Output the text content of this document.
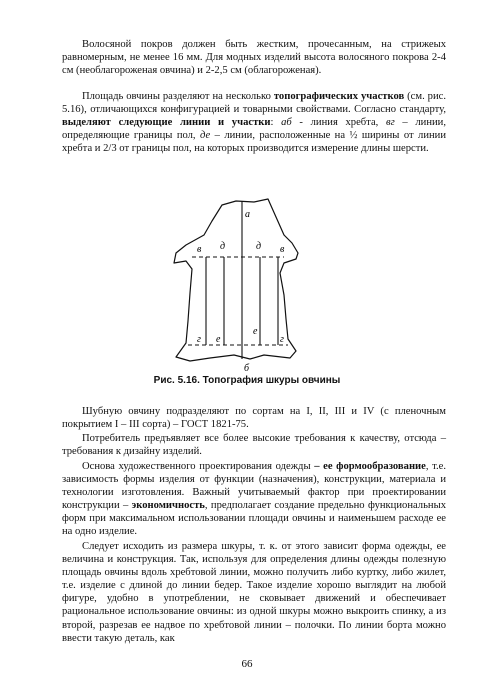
Волосяной покров должен быть жестким, прочесанным, на стрижеых равномерным, не менее 16 мм. Для модных изделий высота волосяного покрова 2-4 см (необлагороженая овчина) и 2-2,5 см (облагороженая).

Площадь овчины разделяют на несколько топографических участков (см. рис. 5.16), отличающихся конфигурацией и товарными свойствами. Согласно стандарту, выделяют следующие линии и участки: аб - линия хребта, вг – линии, определяющие границы пол, де – линии, расположенные на ½ ширины от линии хребта и 2/3 от границы пол, на которых производится измерение длины шерсти.

а
б
в д	д в
г е
е
г
Рис. 5.16. Топография шкуры овчины

Шубную овчину подразделяют по сортам на I, II, III и IV (с пленочным покрытием I – III сорта) – ГОСТ 1821-75.

Потребитель предъявляет все более высокие требования к качеству, отсюда – требования к дизайну изделий.

Основа художественного проектирования одежды – ее формообразование, т.е. зависимость формы изделия от функции (назначения), конструкции, материала и технологии изготовления. Важный учитываемый фактор при проектировании конструкции – экономичность, предполагает создание предельно функциональных форм при максимальном использовании площади овчины и наименьшем расходе ее на одно изделие.

Следует исходить из размера шкуры, т. к. от этого зависит форма одежды, ее величина и конструкция. Так, используя для определения длины одежды полезную площадь овчины вдоль хребтовой линии, можно получить либо куртку, либо жилет, т.е. изделие с длиной до линии бедер. Такое изделие хорошо выглядит на любой фигуре, удобно в употреблении, не сковывает движений и обеспечивает рациональное использование овчины: из одной шкуры можно выкроить спинку, а из второй, разрезав ее надвое по хребтовой линии – полочки. По линии борта можно ввести такую деталь, как

66
